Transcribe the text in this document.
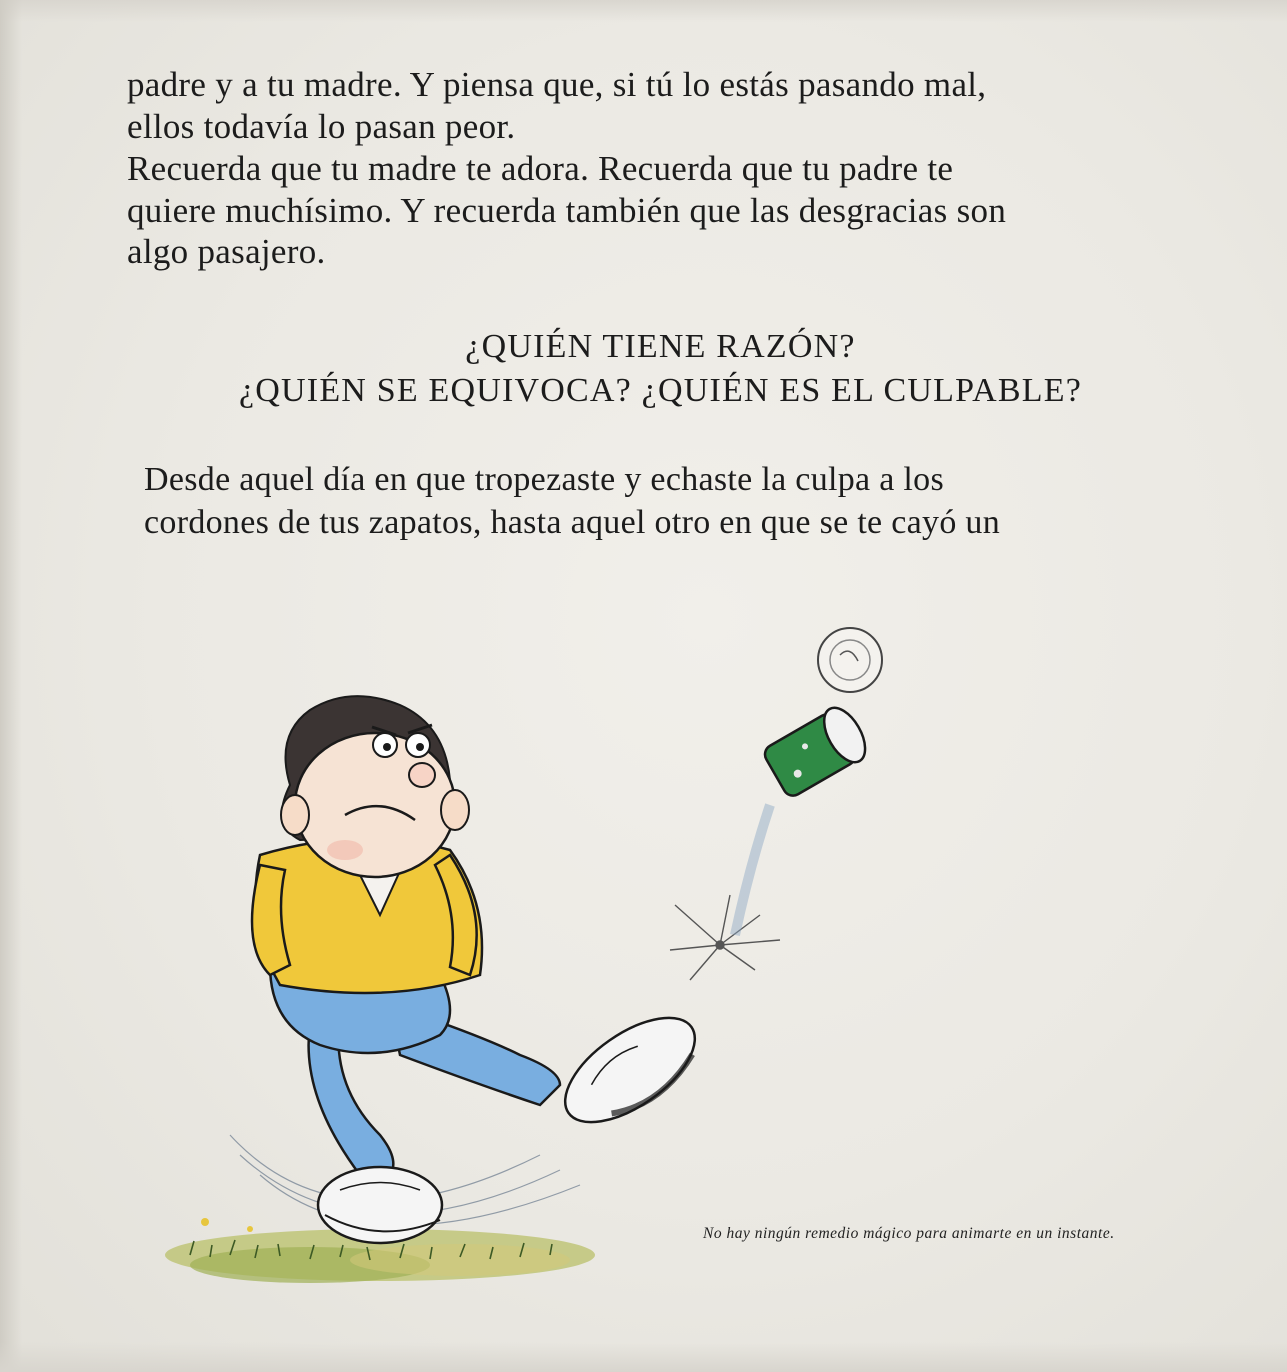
padre y a tu madre. Y piensa que, si tú lo estás pasando mal,
ellos todavía lo pasan peor.
Recuerda que tu madre te adora. Recuerda que tu padre te
quiere muchísimo. Y recuerda también que las desgracias son
algo pasajero.
¿QUIÉN TIENE RAZÓN?
¿QUIÉN SE EQUIVOCA? ¿QUIÉN ES EL CULPABLE?
Desde aquel día en que tropezaste y echaste la culpa a los
cordones de tus zapatos, hasta aquel otro en que se te cayó un
No hay ningún remedio mágico para animarte en un instante.
